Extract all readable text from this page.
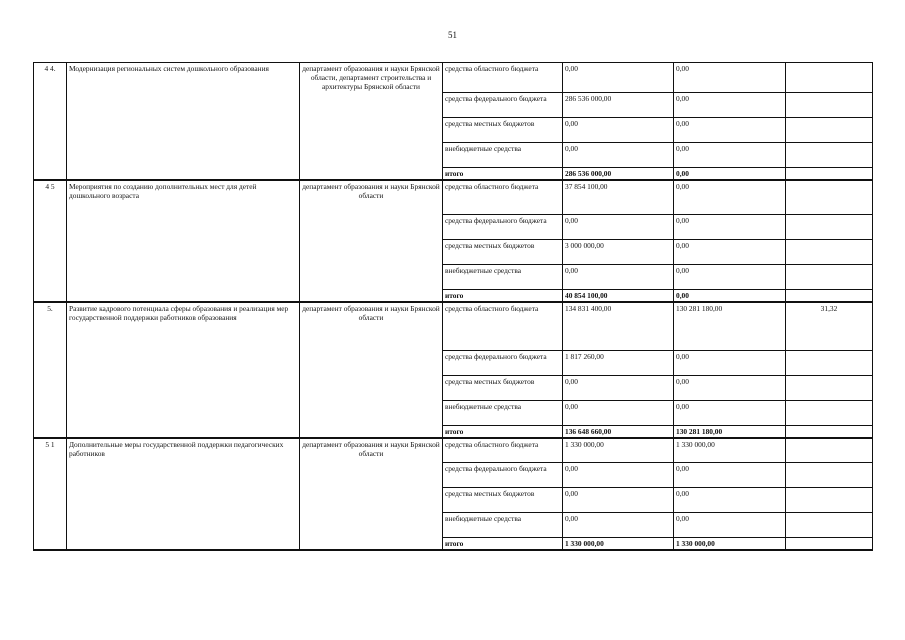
51
4 4.	Модернизация региональных систем дошкольного образования	департамент образования и науки Брянской области, департамент строительства и архитектуры Брянской области	средства областного бюджета	0,00	0,00	
			средства федерального бюджета	286 536 000,00	0,00	
			средства местных бюджетов	0,00	0,00	
			внебюджетные средства	0,00	0,00	
			итого	286 536 000,00	0,00	
4 5	Мероприятия по созданию дополнительных мест для детей дошкольного возраста	департамент образования и науки Брянской области	средства областного бюджета	37 854 100,00	0,00	
			средства федерального бюджета	0,00	0,00	
			средства местных бюджетов	3 000 000,00	0,00	
			внебюджетные средства	0,00	0,00	
			итого	40 854 100,00	0,00	
5.	Развитие кадрового потенциала сферы образования и реализация мер государственной поддержки работников образования	департамент образования и науки Брянской области	средства областного бюджета	134 831 400,00	130 281 180,00	31,32
			средства федерального бюджета	1 817 260,00	0,00	
			средства местных бюджетов	0,00	0,00	
			внебюджетные средства	0,00	0,00	
			итого	136 648 660,00	130 281 180,00	
5 1	Дополнительные меры государственной поддержки педагогических работников	департамент образования и науки Брянской области	средства областного бюджета	1 330 000,00	1 330 000,00	
			средства федерального бюджета	0,00	0,00	
			средства местных бюджетов	0,00	0,00	
			внебюджетные средства	0,00	0,00	
			итого	1 330 000,00	1 330 000,00	
